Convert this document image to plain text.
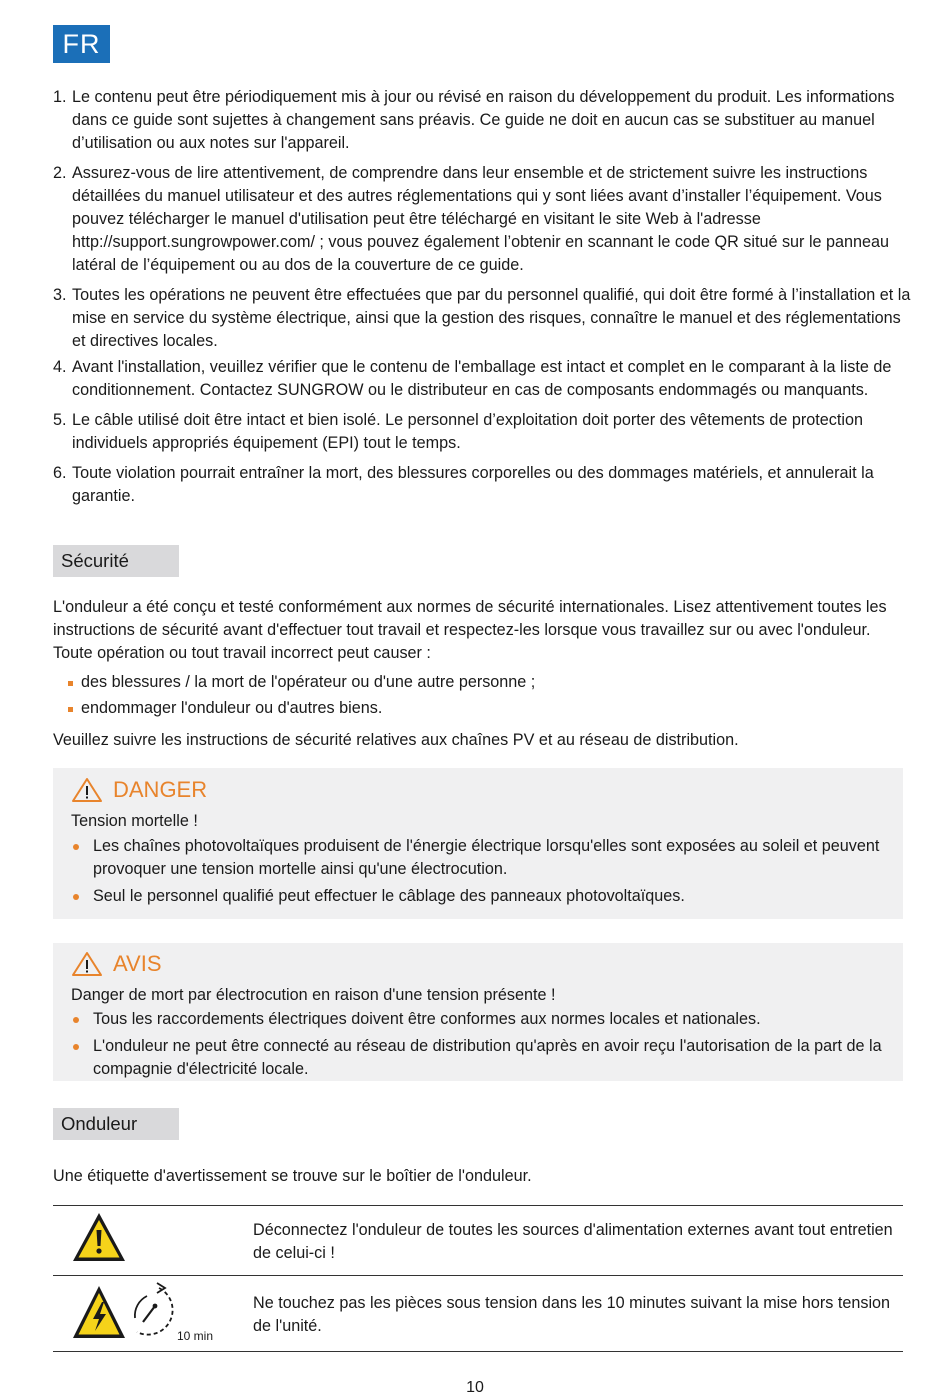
FR
1. Le contenu peut être périodiquement mis à jour ou révisé en raison du développement du produit. Les informations dans ce guide sont sujettes à changement sans préavis. Ce guide ne doit en aucun cas se substituer au manuel d’utilisation ou aux notes sur l'appareil.
2. Assurez-vous de lire attentivement, de comprendre dans leur ensemble et de strictement suivre les instructions détaillées du manuel utilisateur et des autres réglementations qui y sont liées avant d’installer l’équipement. Vous pouvez télécharger le manuel d'utilisation peut être téléchargé en visitant le site Web à l'adresse http://support.sungrowpower.com/ ; vous pouvez également l’obtenir en scannant le code QR situé sur le panneau latéral de l’équipement ou au dos de la couverture de ce guide.
3. Toutes les opérations ne peuvent être effectuées que par du personnel qualifié, qui doit être formé à l’installation et la mise en service du système électrique, ainsi que la gestion des risques, connaître le manuel et des réglementations et directives locales.
4. Avant l'installation, veuillez vérifier que le contenu de l'emballage est intact et complet en le comparant à la liste de conditionnement. Contactez SUNGROW ou le distributeur en cas de composants endommagés ou manquants.
5. Le câble utilisé doit être intact et bien isolé. Le personnel d’exploitation doit porter des vêtements de protection individuels appropriés équipement (EPI) tout le temps.
6. Toute violation pourrait entraîner la mort, des blessures corporelles ou des dommages matériels, et annulerait la garantie.
Sécurité

L'onduleur a été conçu et testé conformément aux normes de sécurité internationales. Lisez attentivement toutes les instructions de sécurité avant d'effectuer tout travail et respectez-les lorsque vous travaillez sur ou avec l'onduleur. Toute opération ou tout travail incorrect peut causer :

des blessures / la mort de l'opérateur ou d'une autre personne ;
endommager l'onduleur ou d'autres biens.

Veuillez suivre les instructions de sécurité relatives aux chaînes PV et au réseau de distribution.

DANGER

Tension mortelle !

Les chaînes photovoltaïques produisent de l'énergie électrique lorsqu'elles sont exposées au soleil et peuvent provoquer une tension mortelle ainsi qu'une électrocution.
Seul le personnel qualifié peut effectuer le câblage des panneaux photovoltaïques.
AVIS

Danger de mort par électrocution en raison d'une tension présente !

Tous les raccordements électriques doivent être conformes aux normes locales et nationales.
L'onduleur ne peut être connecté au réseau de distribution qu'après en avoir reçu l'autorisation de la part de la compagnie d'électricité locale.
Onduleur

Une étiquette d'avertissement se trouve sur le boîtier de l'onduleur.

Déconnectez l'onduleur de toutes les sources d'alimentation externes avant tout entretien de celui-ci !

10 min

Ne touchez pas les pièces sous tension dans les 10 minutes suivant la mise hors tension de l'unité.

10
